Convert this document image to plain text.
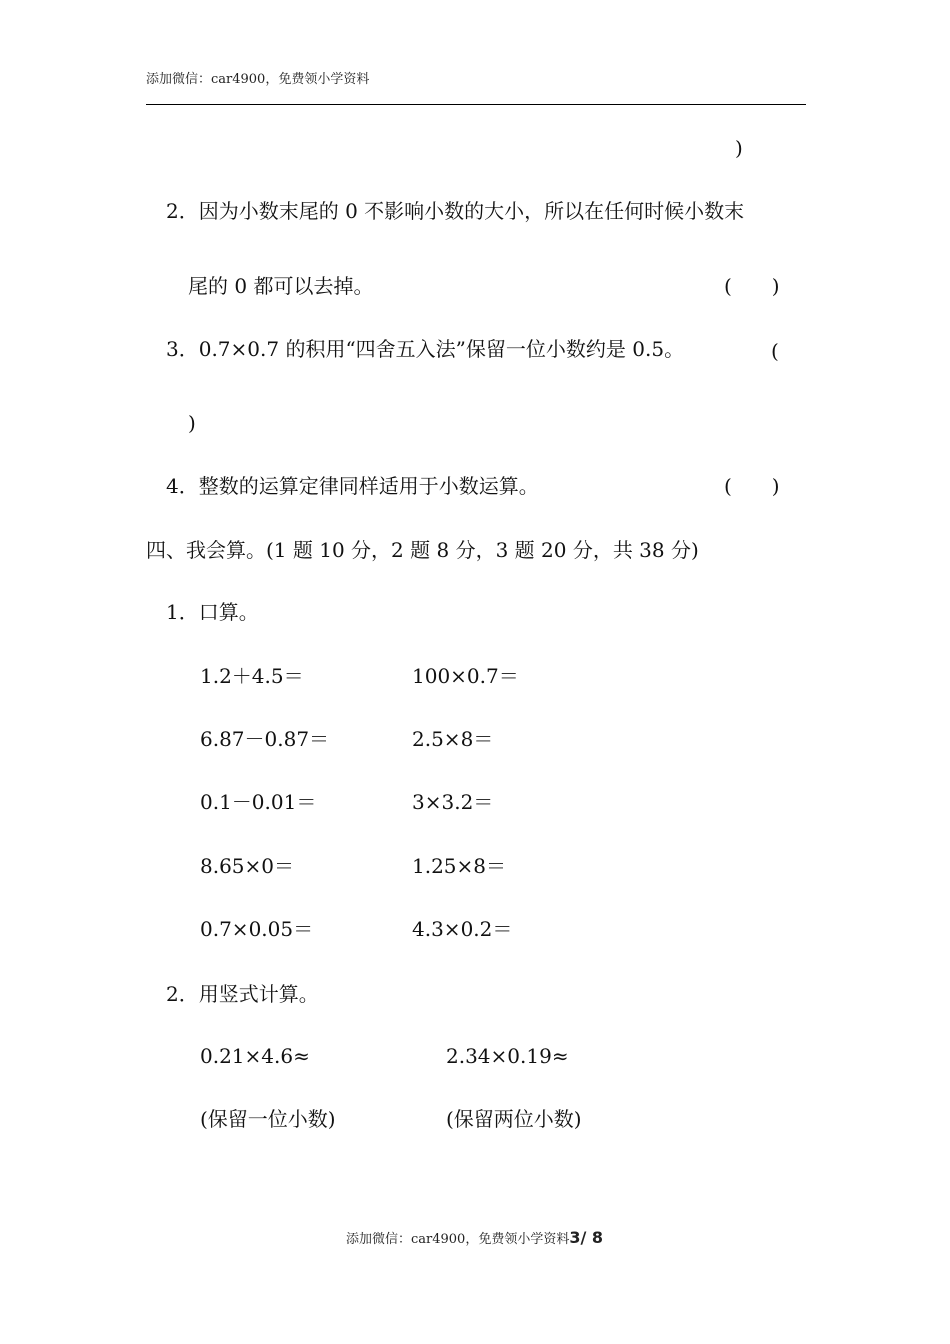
添加微信：car4900，免费领小学资料
)
2．因为小数末尾的 0 不影响小数的大小，所以在任何时候小数末
尾的 0 都可以去掉。	(　　)
3．0.7×0.7 的积用“四舍五入法”保留一位小数约是 0.5。	(
)
4．整数的运算定律同样适用于小数运算。	(　　)
四、我会算。(1 题 10 分，2 题 8 分，3 题 20 分，共 38 分)
1．口算。
1.2＋4.5＝	100×0.7＝
6.87－0.87＝	2.5×8＝
0.1－0.01＝	3×3.2＝
8.65×0＝	1.25×8＝
0.7×0.05＝	4.3×0.2＝
2．用竖式计算。
0.21×4.6≈	2.34×0.19≈
(保留一位小数)	(保留两位小数)
添加微信：car4900，免费领小学资料3/ 8
